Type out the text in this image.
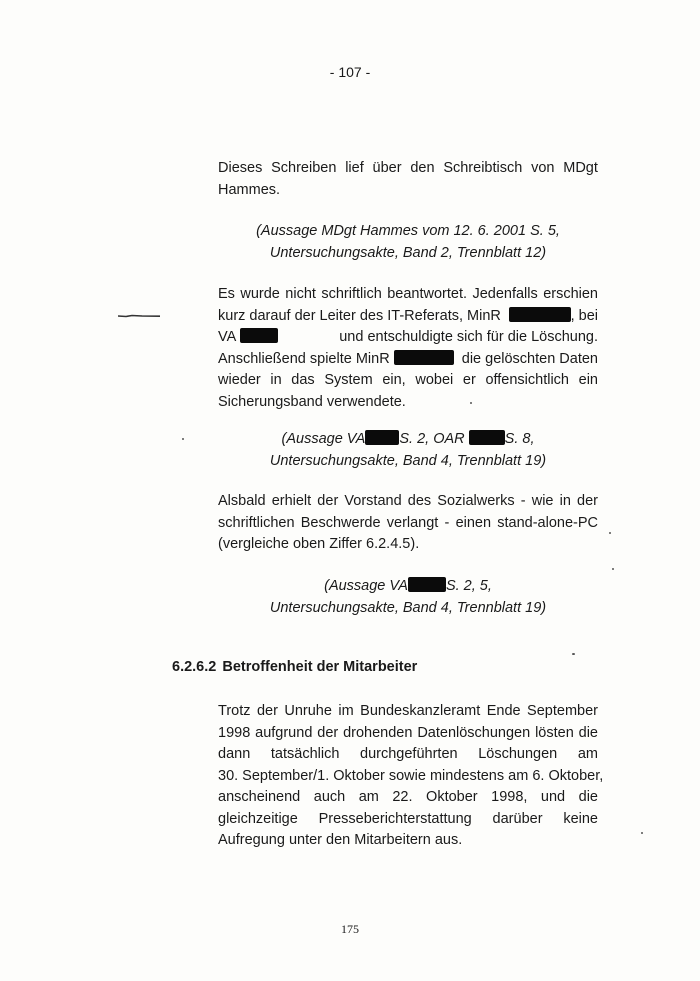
- 107 -
Dieses Schreiben lief über den Schreibtisch von MDgt
Hammes.
(Aussage MDgt Hammes vom 12. 6. 2001 S. 5,
Untersuchungsakte, Band 2, Trennblatt 12)
Es wurde nicht schriftlich beantwortet. Jedenfalls erschien
kurz darauf der Leiter des IT-Referats, MinR	, bei
VA	und entschuldigte sich für die Löschung.
Anschließend spielte MinR	die gelöschten Daten
wieder in das System ein, wobei er offensichtlich ein
Sicherungsband verwendete.
(Aussage VA S. 2, OAR	S. 8,
Untersuchungsakte, Band 4, Trennblatt 19)
Alsbald erhielt der Vorstand des Sozialwerks - wie in der
schriftlichen Beschwerde verlangt - einen stand-alone-PC
(vergleiche oben Ziffer 6.2.4.5).
(Aussage VA	S. 2, 5,
Untersuchungsakte, Band 4, Trennblatt 19)
6.2.6.2 Betroffenheit der Mitarbeiter
Trotz der Unruhe im Bundeskanzleramt Ende September
1998 aufgrund der drohenden Datenlöschungen lösten die
dann tatsächlich durchgeführten Löschungen am
30. September/1. Oktober sowie mindestens am 6. Oktober,
anscheinend auch am 22. Oktober 1998, und die
gleichzeitige Presseberichterstattung darüber keine
Aufregung unter den Mitarbeitern aus.
175
